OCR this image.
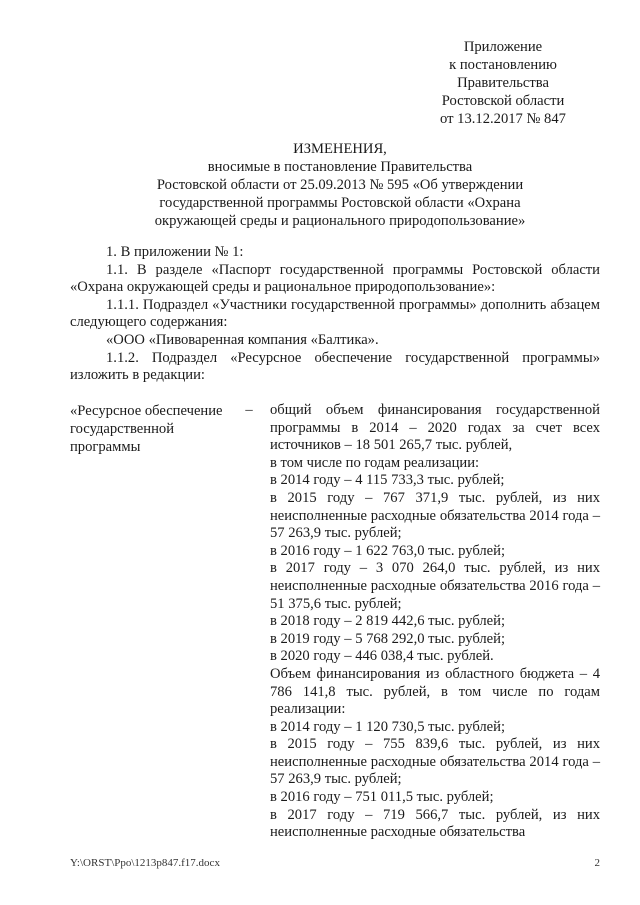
Приложение
к постановлению
Правительства
Ростовской области
от 13.12.2017 № 847
ИЗМЕНЕНИЯ,
вносимые в постановление Правительства
Ростовской области от 25.09.2013 № 595 «Об утверждении
государственной программы Ростовской области «Охрана
окружающей среды и рационального природопользование»

1. В приложении № 1:

1.1. В разделе «Паспорт государственной программы Ростовской области «Охрана окружающей среды и рациональное природопользование»:

1.1.1. Подраздел «Участники государственной программы» дополнить абзацем следующего содержания:

«ООО «Пивоваренная компания «Балтика».

1.1.2. Подраздел «Ресурсное обеспечение государственной программы» изложить в редакции:

«Ресурсное обеспечение государственной программы
– общий объем финансирования государственной программы в 2014 – 2020 годах за счет всех источников – 18 501 265,7 тыс. рублей,

в том числе по годам реализации:

в 2014 году – 4 115 733,3 тыс. рублей;

в 2015 году – 767 371,9 тыс. рублей, из них неисполненные расходные обязательства 2014 года – 57 263,9 тыс. рублей;

в 2016 году – 1 622 763,0 тыс. рублей;

в 2017 году – 3 070 264,0 тыс. рублей, из них неисполненные расходные обязательства 2016 года – 51 375,6 тыс. рублей;

в 2018 году – 2 819 442,6 тыс. рублей;

в 2019 году – 5 768 292,0 тыс. рублей;

в 2020 году – 446 038,4 тыс. рублей.

Объем финансирования из областного бюджета – 4 786 141,8 тыс. рублей, в том числе по годам реализации:

в 2014 году – 1 120 730,5 тыс. рублей;

в 2015 году – 755 839,6 тыс. рублей, из них неисполненные расходные обязательства 2014 года – 57 263,9 тыс. рублей;

в 2016 году – 751 011,5 тыс. рублей;

в 2017 году – 719 566,7 тыс. рублей, из них неисполненные расходные обязательства

Y:\ORST\Ppo\1213p847.f17.docx	2
